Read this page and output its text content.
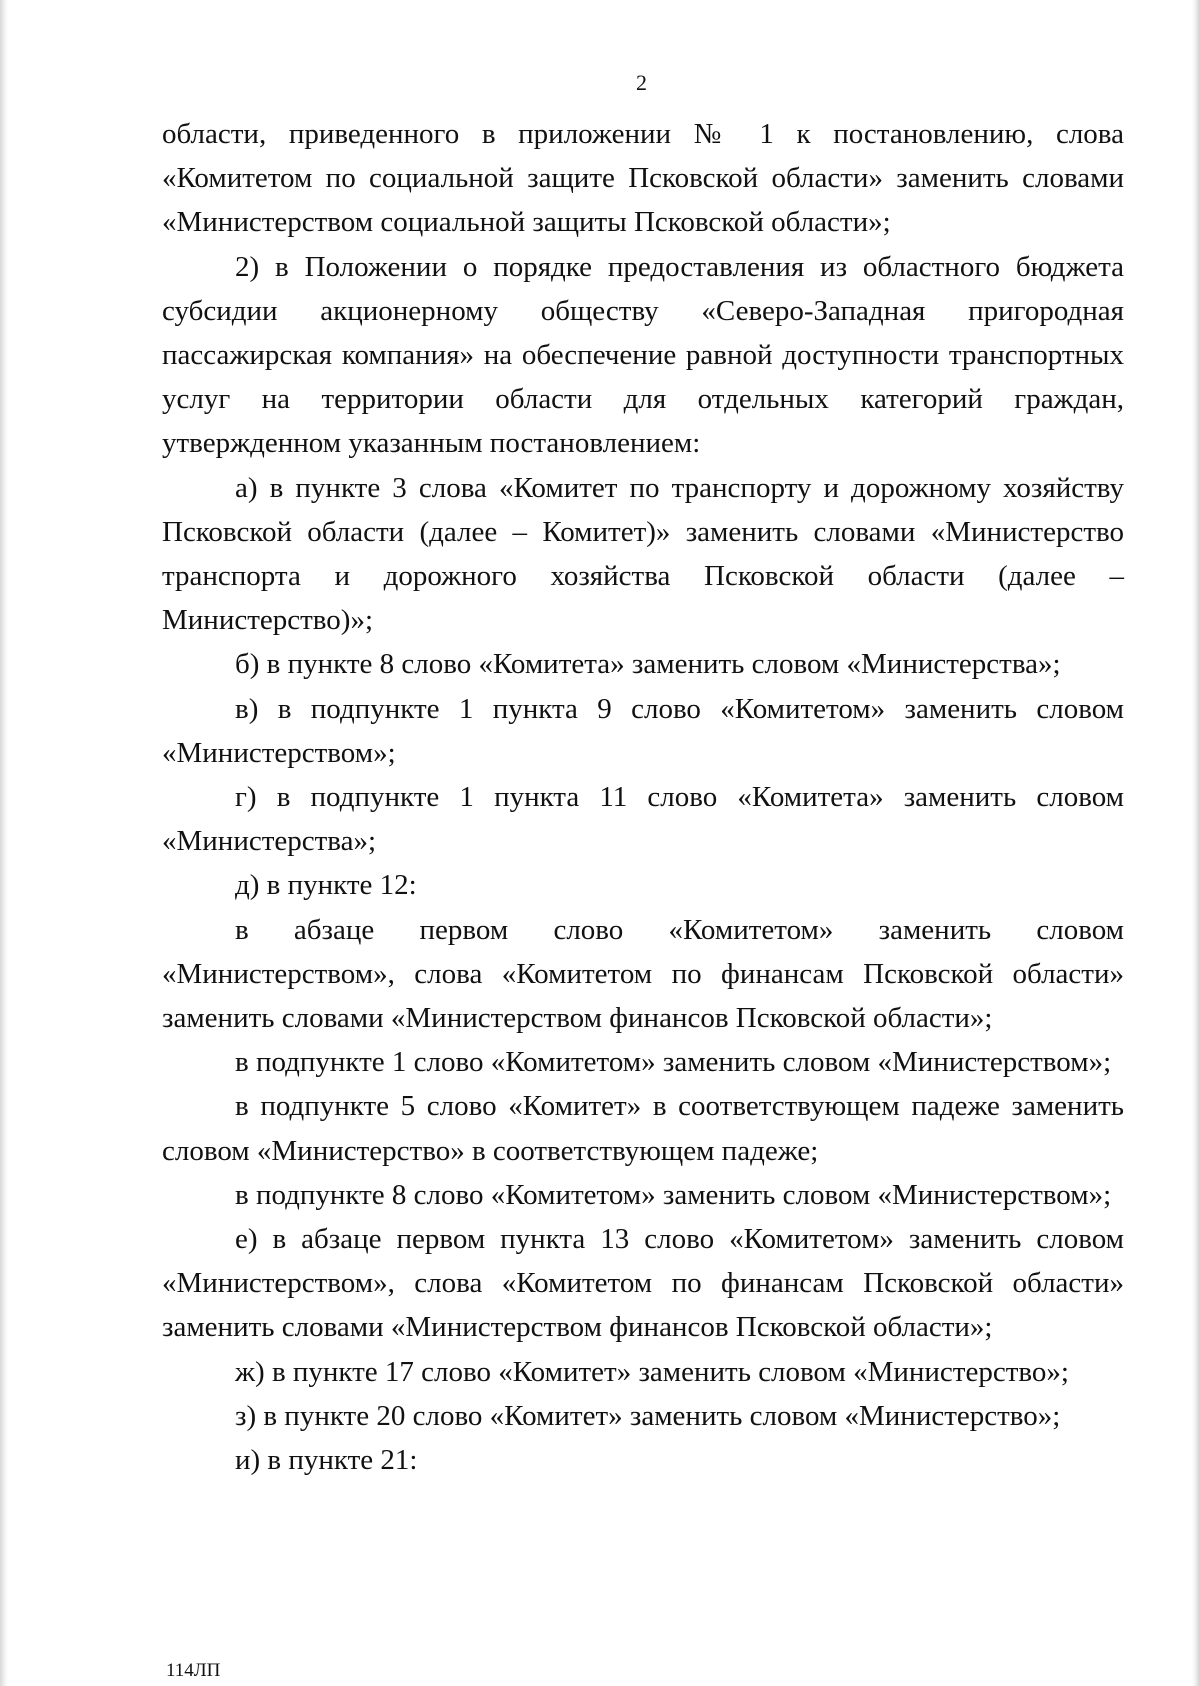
2

области, приведенного в приложении № 1 к постановлению, слова «Комитетом по социальной защите Псковской области» заменить словами «Министерством социальной защиты Псковской области»;

2) в Положении о порядке предоставления из областного бюджета субсидии акционерному обществу «Северо-Западная пригородная пассажирская компания» на обеспечение равной доступности транспортных услуг на территории области для отдельных категорий граждан, утвержденном указанным постановлением:

а) в пункте 3 слова «Комитет по транспорту и дорожному хозяйству Псковской области (далее – Комитет)» заменить словами «Министерство транспорта и дорожного хозяйства Псковской области (далее – Министерство)»;

б) в пункте 8 слово «Комитета» заменить словом «Министерства»;

в) в подпункте 1 пункта 9 слово «Комитетом» заменить словом «Министерством»;

г) в подпункте 1 пункта 11 слово «Комитета» заменить словом «Министерства»;

д) в пункте 12:

в абзаце первом слово «Комитетом» заменить словом «Министерством», слова «Комитетом по финансам Псковской области» заменить словами «Министерством финансов Псковской области»;

в подпункте 1 слово «Комитетом» заменить словом «Министерством»;

в подпункте 5 слово «Комитет» в соответствующем падеже заменить словом «Министерство» в соответствующем падеже;

в подпункте 8 слово «Комитетом» заменить словом «Министерством»;

е) в абзаце первом пункта 13 слово «Комитетом» заменить словом «Министерством», слова «Комитетом по финансам Псковской области» заменить словами «Министерством финансов Псковской области»;

ж) в пункте 17 слово «Комитет» заменить словом «Министерство»;

з) в пункте 20 слово «Комитет» заменить словом «Министерство»;

и) в пункте 21:

114ЛП
